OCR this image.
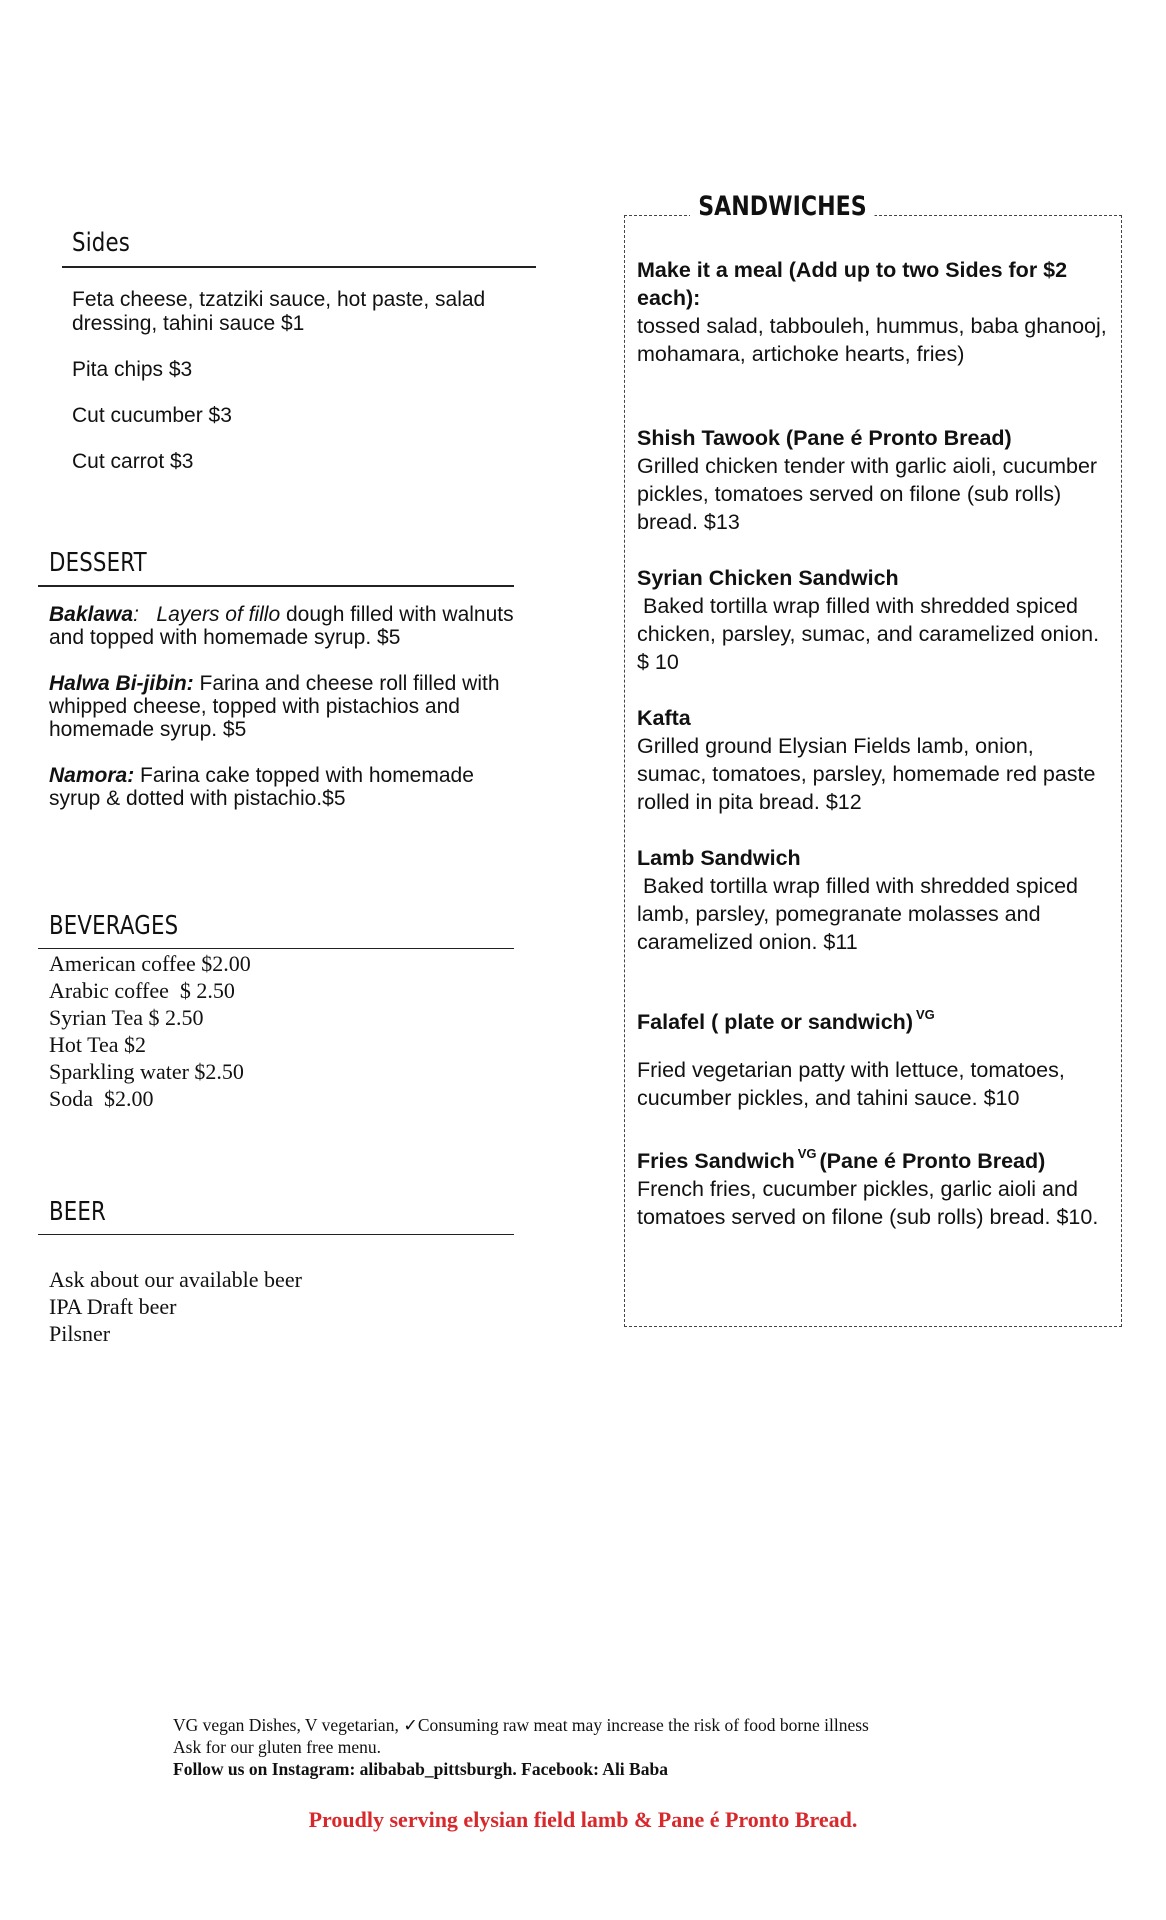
Sides
Feta cheese, tzatziki sauce, hot paste, salad dressing, tahini sauce $1
Pita chips $3
Cut cucumber $3
Cut carrot $3
DESSERT
Baklawa:   Layers of fillo dough filled with walnuts and topped with homemade syrup. $5
Halwa Bi-jibin: Farina and cheese roll filled with whipped cheese, topped with pistachios and homemade syrup. $5
Namora: Farina cake topped with homemade syrup & dotted with pistachio.$5
BEVERAGES
American coffee $2.00
Arabic coffee  $ 2.50
Syrian Tea $ 2.50
Hot Tea $2
Sparkling water $2.50
Soda  $2.00
BEER
Ask about our available beer
IPA Draft beer
Pilsner
SANDWICHES
Make it a meal (Add up to two Sides for $2 each):
tossed salad, tabbouleh, hummus, baba ghanooj, mohamara, artichoke hearts, fries)
Shish Tawook (Pane é Pronto Bread)
Grilled chicken tender with garlic aioli, cucumber pickles, tomatoes served on filone (sub rolls) bread. $13
Syrian Chicken Sandwich
Baked tortilla wrap filled with shredded spiced chicken, parsley, sumac, and caramelized onion.  $ 10
Kafta
Grilled ground Elysian Fields lamb, onion, sumac, tomatoes, parsley, homemade red paste rolled in pita bread. $12
Lamb Sandwich
Baked tortilla wrap filled with shredded spiced lamb, parsley, pomegranate molasses and caramelized onion. $11
Falafel ( plate or sandwich) $^{VG}$
Fried vegetarian patty with lettuce, tomatoes, cucumber pickles, and tahini sauce. $10
Fries Sandwich $^{VG}$ (Pane é Pronto Bread)
French fries, cucumber pickles, garlic aioli and tomatoes served on filone (sub rolls) bread. $10.

VG vegan Dishes, V vegetarian, ✓Consuming raw meat may increase the risk of food borne illness

Ask for our gluten free menu.

Follow us on Instagram: alibabab_pittsburgh. Facebook: Ali Baba

Proudly serving elysian field lamb & Pane é Pronto Bread.
